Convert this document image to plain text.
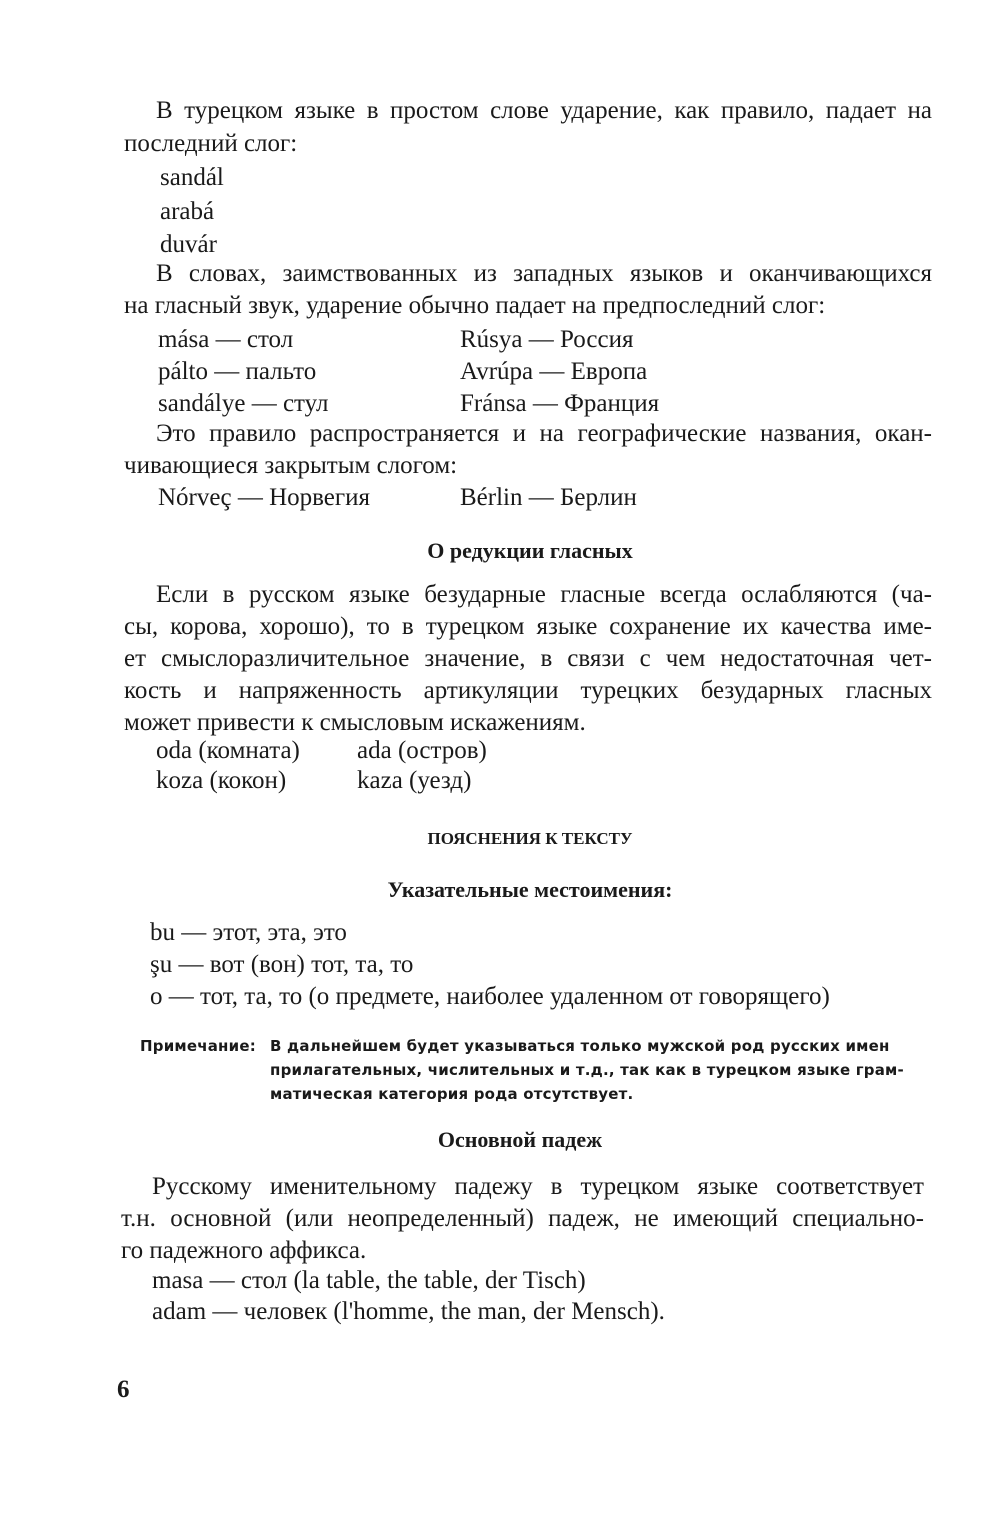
В турецком языке в простом слове ударение, как правило, падает на
последний слог:
sandál
arabá
duvár
В словах, заимствованных из западных языков и оканчивающихся
на гласный звук, ударение обычно падает на предпоследний слог:
mása — стол	Rúsya — Россия
pálto — пальто	Avrúpa — Европа
sandálye — стул	Fránsa — Франция
Это правило распространяется и на географические названия, окан-
чивающиеся закрытым слогом:
Nórveç — Норвегия	Bérlin — Берлин
О редукции гласных
Если в русском языке безударные гласные всегда ослабляются (ча-
сы, корова, хорошо), то в турецком языке сохранение их качества име-
ет смыслоразличительное значение, в связи с чем недостаточная чет-
кость и напряженность артикуляции турецких безударных гласных
может привести к смысловым искажениям.
oda (комната) ada (остров)
koza (кокон)	kaza (уезд)
ПОЯСНЕНИЯ К ТЕКСТУ
Указательные местоимения:
bu — этот, эта, это
şu — вот (вон) тот, та, то
o — тот, та, то (о предмете, наиболее удаленном от говорящего)
Примечание: В дальнейшем будет указываться только мужской род русских имен
прилагательных, числительных и т.д., так как в турецком языке грам-
матическая категория рода отсутствует.
Основной падеж
Русскому именительному падежу в турецком языке соответствует
т.н. основной (или неопределенный) падеж, не имеющий специально-
го падежного аффикса.
masa — стол (la table, the table, der Tisch)
adam — человек (l'homme, the man, der Mensch).
6
